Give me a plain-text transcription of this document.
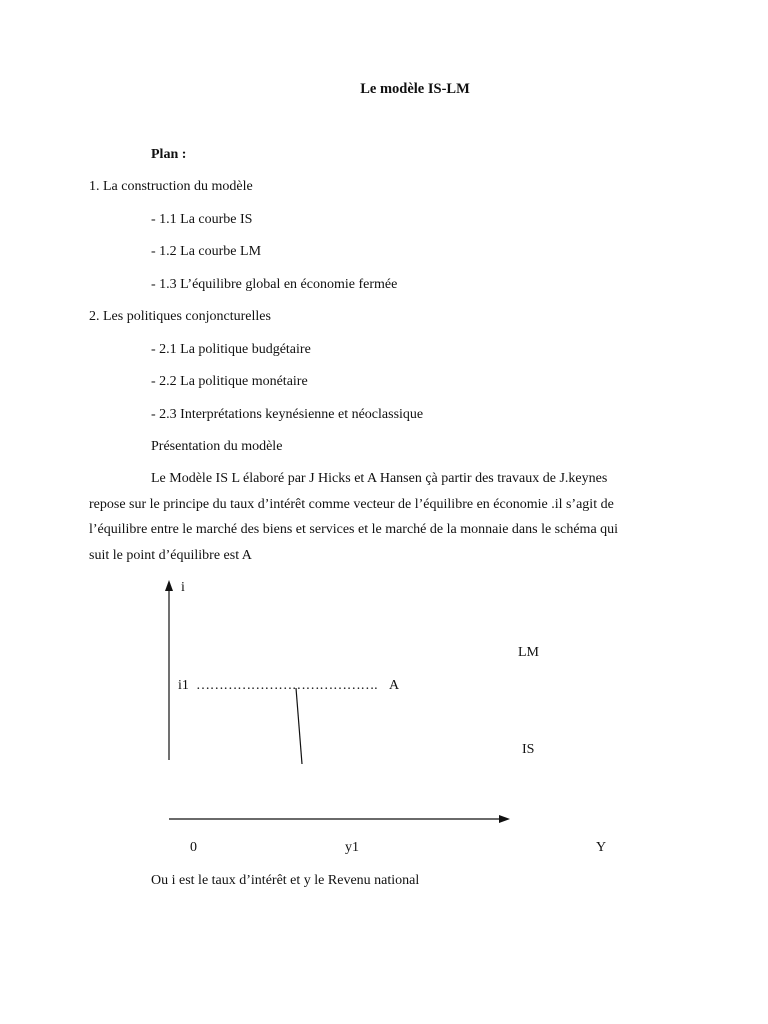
Le modèle IS-LM
Plan :
1. La construction du modèle
- 1.1 La courbe IS
- 1.2 La courbe LM
- 1.3 L’équilibre global en économie fermée
2. Les politiques conjoncturelles
- 2.1 La politique budgétaire
- 2.2 La politique monétaire
- 2.3 Interprétations keynésienne et néoclassique
Présentation du modèle
Le Modèle IS L élaboré par J Hicks et A Hansen çà partir des travaux de J.keynes
repose sur le principe du taux d’intérêt comme vecteur de l’équilibre en économie .il s’agit de
l’équilibre entre le marché des biens et services et le marché de la monnaie dans le schéma qui
suit le point d’équilibre est A
i
LM
i1 …………………………………. A
IS
0	y1	Y
Ou i est le taux d’intérêt et y le Revenu national
